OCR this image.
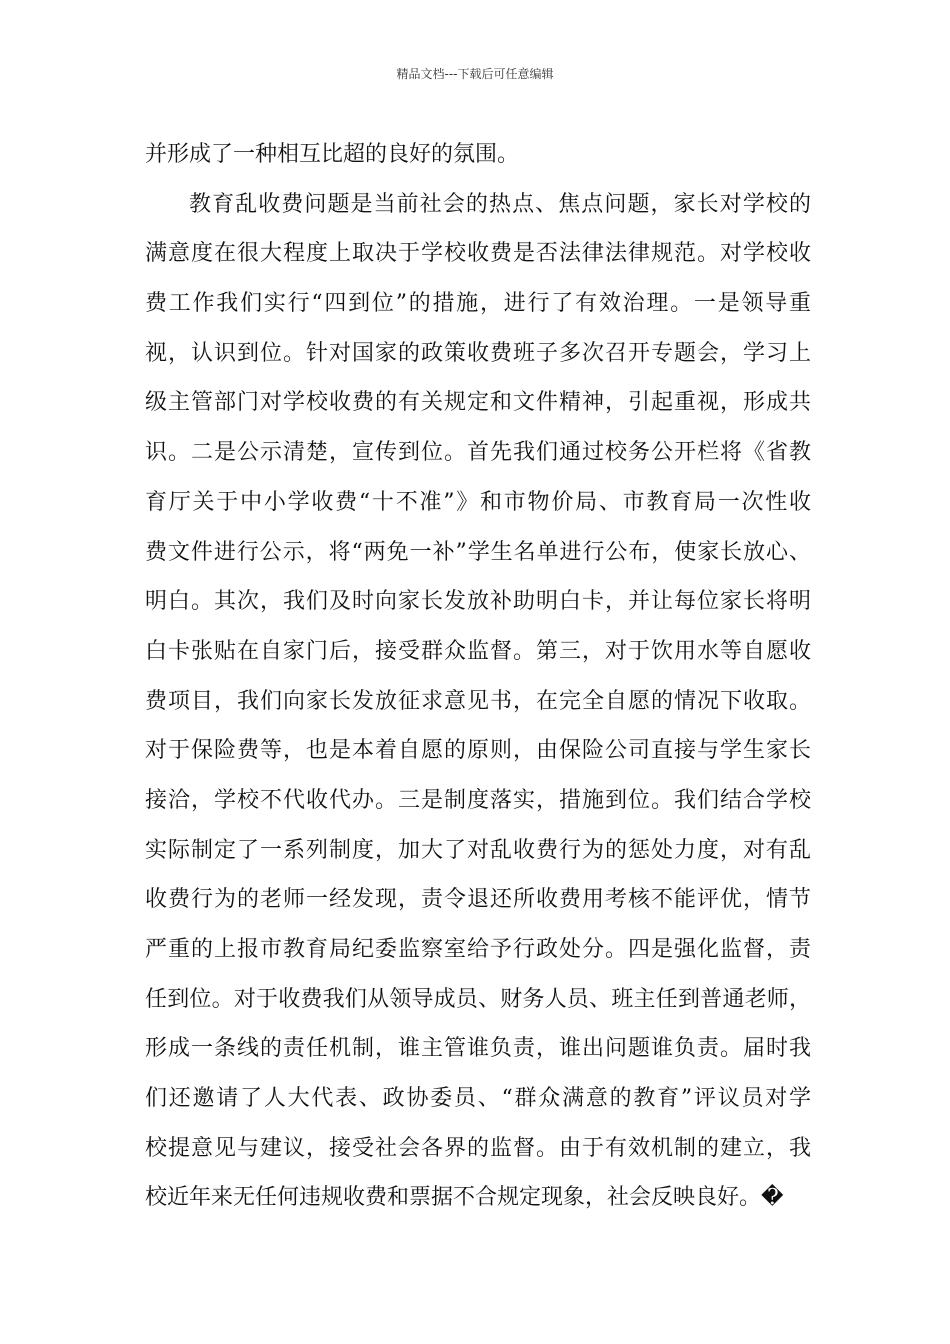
精品文档---下载后可任意编辑
并形成了一种相互比超的良好的氛围。
教育乱收费问题是当前社会的热点、焦点问题，家长对学校的
满意度在很大程度上取决于学校收费是否法律法律规范。对学校收
费工作我们实行“四到位”的措施，进行了有效治理。一是领导重
视，认识到位。针对国家的政策收费班子多次召开专题会，学习上
级主管部门对学校收费的有关规定和文件精神，引起重视，形成共
识。二是公示清楚，宣传到位。首先我们通过校务公开栏将《省教
育厅关于中小学收费“十不准”》和市物价局、市教育局一次性收
费文件进行公示，将“两免一补”学生名单进行公布，使家长放心、
明白。其次，我们及时向家长发放补助明白卡，并让每位家长将明
白卡张贴在自家门后，接受群众监督。第三，对于饮用水等自愿收
费项目，我们向家长发放征求意见书，在完全自愿的情况下收取。
对于保险费等，也是本着自愿的原则，由保险公司直接与学生家长
接洽，学校不代收代办。三是制度落实，措施到位。我们结合学校
实际制定了一系列制度，加大了对乱收费行为的惩处力度，对有乱
收费行为的老师一经发现，责令退还所收费用考核不能评优，情节
严重的上报市教育局纪委监察室给予行政处分。四是强化监督，责
任到位。对于收费我们从领导成员、财务人员、班主任到普通老师，
形成一条线的责任机制，谁主管谁负责，谁出问题谁负责。届时我
们还邀请了人大代表、政协委员、“群众满意的教育”评议员对学
校提意见与建议，接受社会各界的监督。由于有效机制的建立，我
校近年来无任何违规收费和票据不合规定现象，社会反映良好。�
